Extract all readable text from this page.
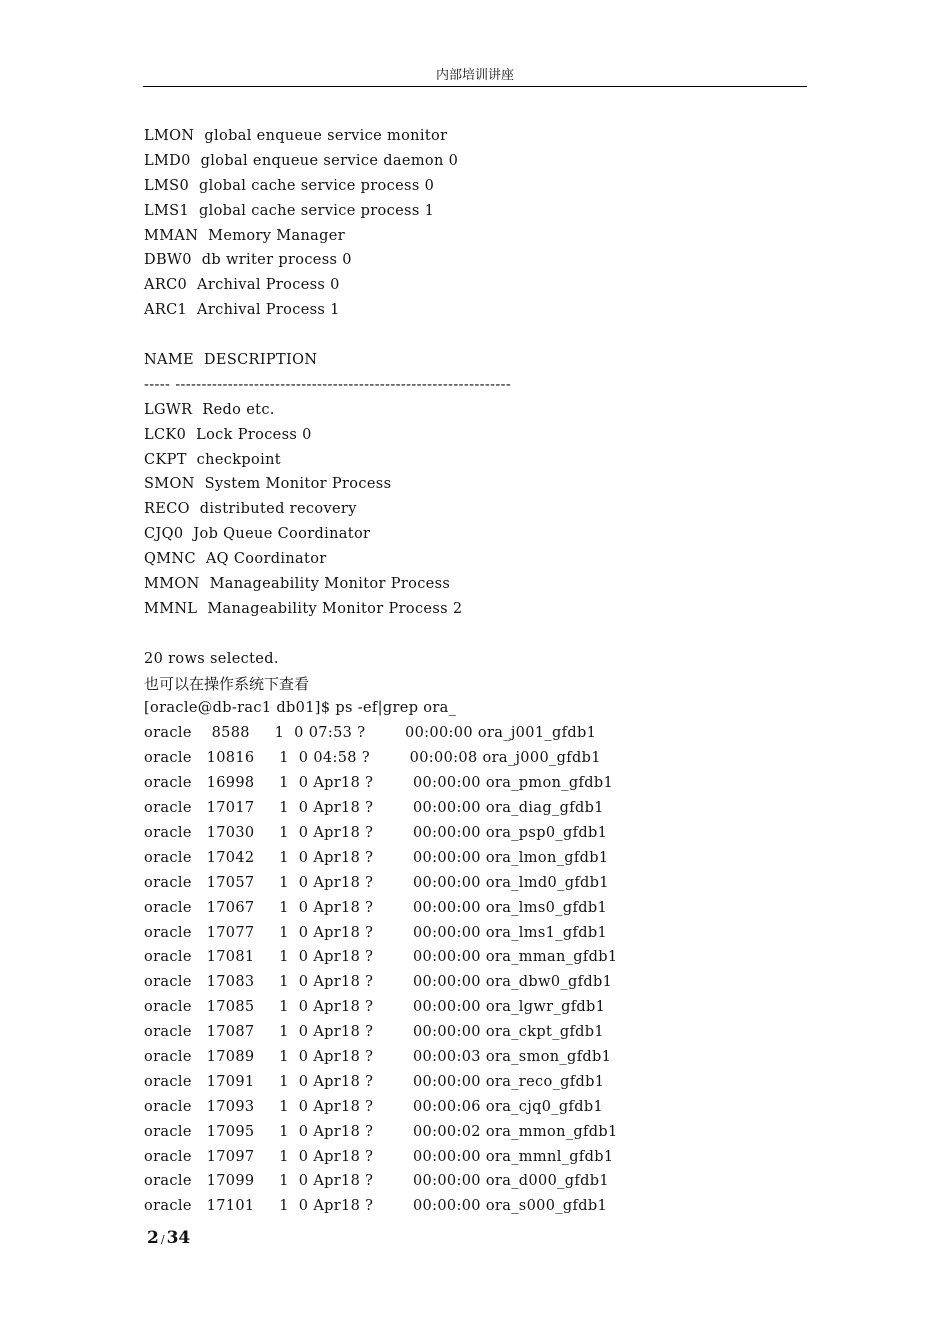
内部培训讲座
LMON  global enqueue service monitor
LMD0  global enqueue service daemon 0
LMS0  global cache service process 0
LMS1  global cache service process 1
MMAN  Memory Manager
DBW0  db writer process 0
ARC0  Archival Process 0
ARC1  Archival Process 1
NAME  DESCRIPTION
----- ----------------------------------------------------------------
LGWR  Redo etc.
LCK0  Lock Process 0
CKPT  checkpoint
SMON  System Monitor Process
RECO  distributed recovery
CJQ0  Job Queue Coordinator
QMNC  AQ Coordinator
MMON  Manageability Monitor Process
MMNL  Manageability Monitor Process 2
20 rows selected.
也可以在操作系统下查看
[oracle@db-rac1 db01]$ ps -ef|grep ora_
oracle    8588     1  0 07:53 ?        00:00:00 ora_j001_gfdb1
oracle   10816     1  0 04:58 ?        00:00:08 ora_j000_gfdb1
oracle   16998     1  0 Apr18 ?        00:00:00 ora_pmon_gfdb1
oracle   17017     1  0 Apr18 ?        00:00:00 ora_diag_gfdb1
oracle   17030     1  0 Apr18 ?        00:00:00 ora_psp0_gfdb1
oracle   17042     1  0 Apr18 ?        00:00:00 ora_lmon_gfdb1
oracle   17057     1  0 Apr18 ?        00:00:00 ora_lmd0_gfdb1
oracle   17067     1  0 Apr18 ?        00:00:00 ora_lms0_gfdb1
oracle   17077     1  0 Apr18 ?        00:00:00 ora_lms1_gfdb1
oracle   17081     1  0 Apr18 ?        00:00:00 ora_mman_gfdb1
oracle   17083     1  0 Apr18 ?        00:00:00 ora_dbw0_gfdb1
oracle   17085     1  0 Apr18 ?        00:00:00 ora_lgwr_gfdb1
oracle   17087     1  0 Apr18 ?        00:00:00 ora_ckpt_gfdb1
oracle   17089     1  0 Apr18 ?        00:00:03 ora_smon_gfdb1
oracle   17091     1  0 Apr18 ?        00:00:00 ora_reco_gfdb1
oracle   17093     1  0 Apr18 ?        00:00:06 ora_cjq0_gfdb1
oracle   17095     1  0 Apr18 ?        00:00:02 ora_mmon_gfdb1
oracle   17097     1  0 Apr18 ?        00:00:00 ora_mmnl_gfdb1
oracle   17099     1  0 Apr18 ?        00:00:00 ora_d000_gfdb1
oracle   17101     1  0 Apr18 ?        00:00:00 ora_s000_gfdb1
2 / 34
